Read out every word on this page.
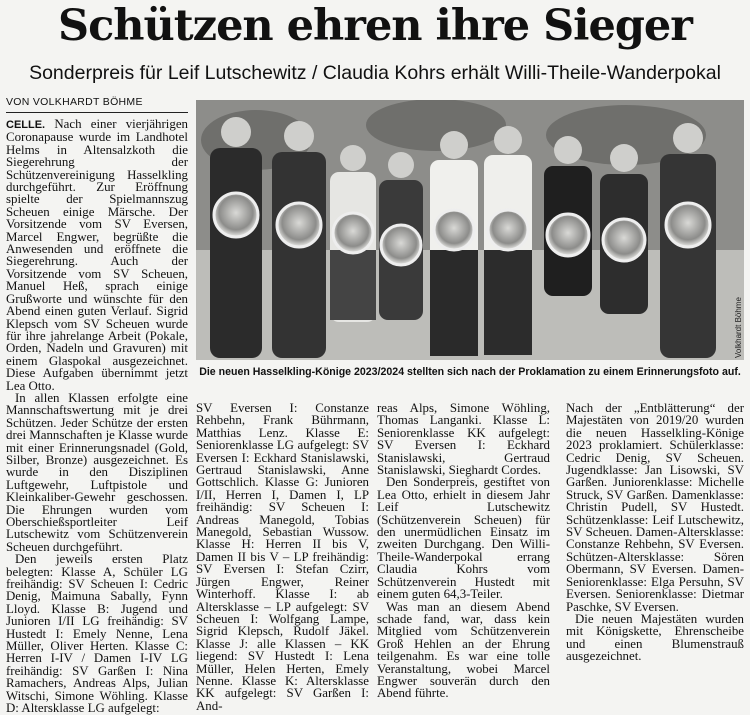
Schützen ehren ihre Sieger
Sonderpreis für Leif Lutschewitz / Claudia Kohrs erhält Willi-Theile-Wanderpokal
VON VOLKHARDT BÖHME

CELLE. Nach einer vierjährigen Coronapause wurde im Landhotel Helms in Altensalzkoth die Siegerehrung der Schützenvereinigung Hasselkling durchgeführt. Zur Eröffnung spielte der Spielmannszug Scheuen einige Märsche. Der Vorsitzende vom SV Eversen, Marcel Engwer, begrüßte die Anwesenden und eröffnete die Siegerehrung. Auch der Vorsitzende vom SV Scheuen, Manuel Heß, sprach einige Grußworte und wünschte für den Abend einen guten Verlauf. Sigrid Klepsch vom SV Scheuen wurde für ihre jahrelange Arbeit (Pokale, Orden, Nadeln und Gravuren) mit einem Glaspokal ausgezeichnet. Diese Aufgaben übernimmt jetzt Lea Otto.

In allen Klassen erfolgte eine Mannschaftswertung mit je drei Schützen. Jeder Schütze der ersten drei Mannschaften je Klasse wurde mit einer Erinnerungsnadel (Gold, Silber, Bronze) ausgezeichnet. Es wurde in den Disziplinen Luftgewehr, Luftpistole und Kleinkaliber-Gewehr geschossen. Die Ehrungen wurden vom Oberschießsportleiter Leif Lutschewitz vom Schützenverein Scheuen durchgeführt.

Den jeweils ersten Platz belegten: Klasse A, Schüler LG freihändig: SV Scheuen I: Cedric Denig, Maimuna Sabally, Fynn Lloyd. Klasse B: Jugend und Junioren I/II LG freihändig: SV Hustedt I: Emely Nenne, Lena Müller, Oliver Herten. Klasse C: Herren I-IV / Damen I-IV LG freihändig: SV Garßen I: Nina Ramachers, Andreas Alps, Julian Witschi, Simone Wöhling. Klasse D: Altersklasse LG aufgelegt:

Volkhardt Böhme
Die neuen Hasselkling-Könige 2023/2024 stellten sich nach der Proklamation zu einem Erinnerungsfoto auf.

SV Eversen I: Constanze Rehbehn, Frank Bührmann, Matthias Lenz. Klasse E: Seniorenklasse LG aufgelegt: SV Eversen I: Eckhard Stanislawski, Gertraud Stanislawski, Anne Gottschlich. Klasse G: Junioren I/II, Herren I, Damen I, LP freihändig: SV Scheuen I: Andreas Manegold, Tobias Manegold, Sebastian Wussow. Klasse H: Herren II bis V, Damen II bis V – LP freihändig: SV Eversen I: Stefan Czirr, Jürgen Engwer, Reiner Winterhoff. Klasse I: ab Altersklasse – LP aufgelegt: SV Scheuen I: Wolfgang Lampe, Sigrid Klepsch, Rudolf Jäkel. Klasse J: alle Klassen – KK liegend: SV Hustedt I: Lena Müller, Helen Herten, Emely Nenne. Klasse K: Altersklasse KK aufgelegt: SV Garßen I: And-

reas Alps, Simone Wöhling, Thomas Langanki. Klasse L: Seniorenklasse KK aufgelegt: SV Eversen I: Eckhard Stanislawski, Gertraud Stanislawski, Sieghardt Cordes.

Den Sonderpreis, gestiftet von Lea Otto, erhielt in diesem Jahr Leif Lutschewitz (Schützenverein Scheuen) für den unermüdlichen Einsatz im zweiten Durchgang. Den Willi-Theile-Wanderpokal errang Claudia Kohrs vom Schützenverein Hustedt mit einem guten 64,3-Teiler.

Was man an diesem Abend schade fand, war, dass kein Mitglied vom Schützenverein Groß Hehlen an der Ehrung teilgenahm. Es war eine tolle Veranstaltung, wobei Marcel Engwer souverän durch den Abend führte.

Nach der „Entblätterung“ der Majestäten von 2019/20 wurden die neuen Hasselkling-Könige 2023 proklamiert. Schülerklasse: Cedric Denig, SV Scheuen. Jugendklasse: Jan Lisowski, SV Garßen. Juniorenklasse: Michelle Struck, SV Garßen. Damenklasse: Christin Pudell, SV Hustedt. Schützenklasse: Leif Lutschewitz, SV Scheuen. Damen-Altersklasse: Constanze Rehbehn, SV Eversen. Schützen-Altersklasse: Sören Obermann, SV Eversen. Damen-Seniorenklasse: Elga Persuhn, SV Eversen. Seniorenklasse: Dietmar Paschke, SV Eversen.

Die neuen Majestäten wurden mit Königskette, Ehrenscheibe und einen Blumenstrauß ausgezeichnet.
